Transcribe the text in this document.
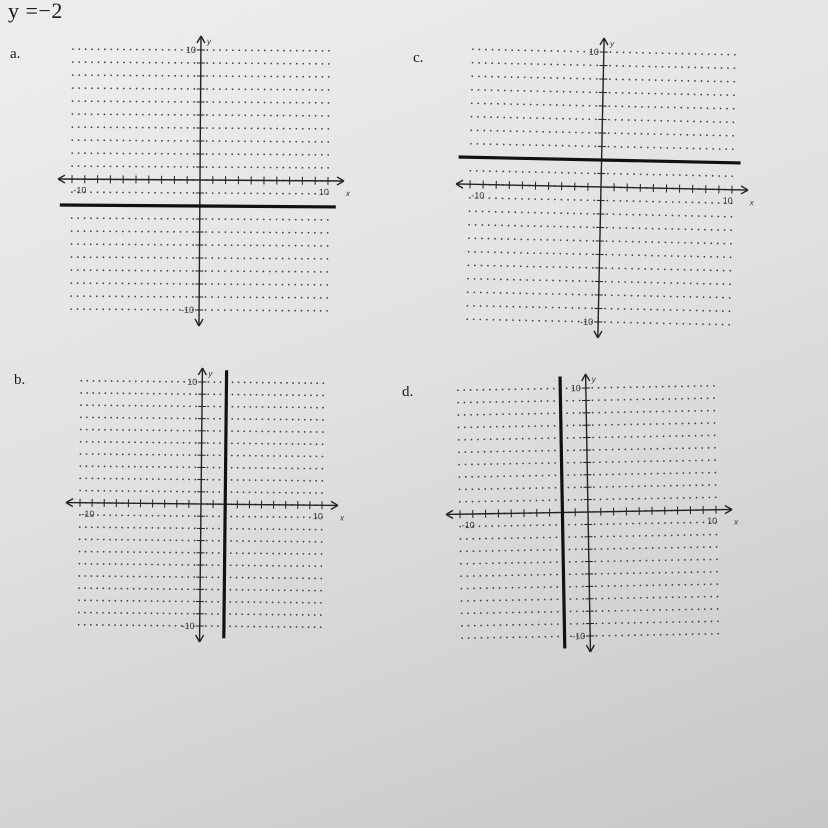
y =−2
a.
b.
c.
d.
10
-10
10
-10
x
y
10
-10
10
-10
x
y
10
-10
10
-10
x
y
10
-10
10
-10
x
y
